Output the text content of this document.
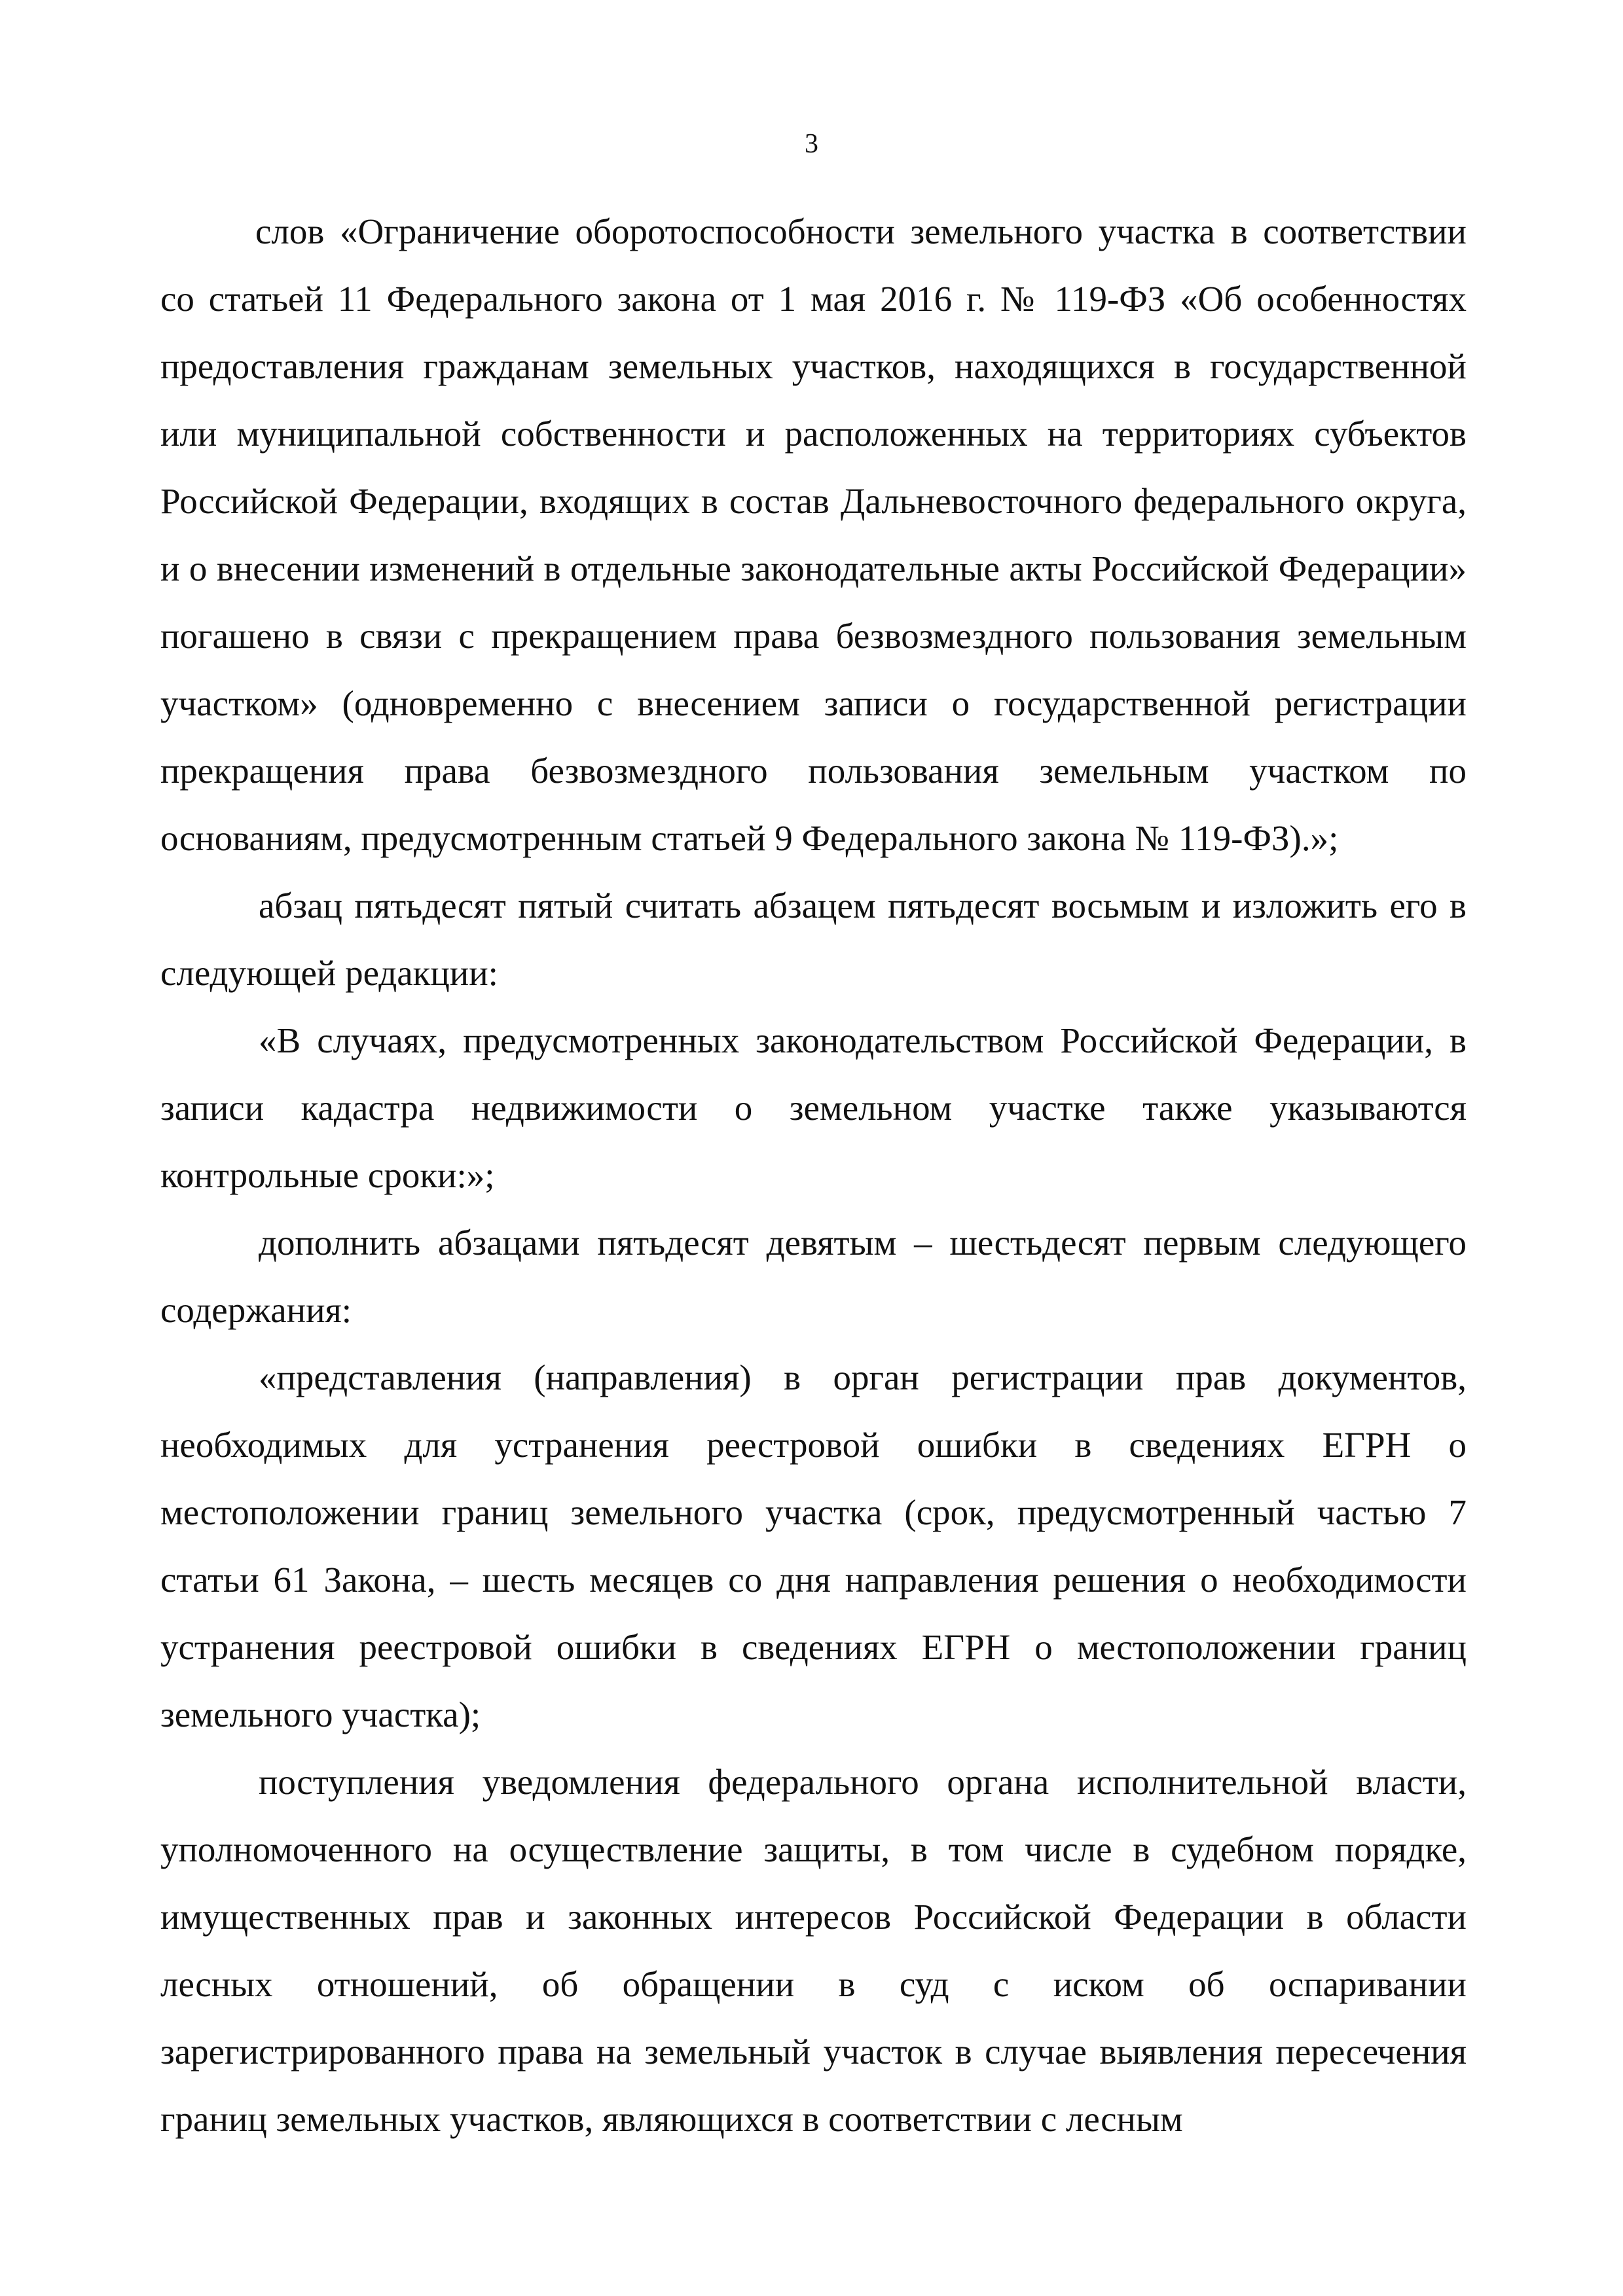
3

слов «Ограничение оборотоспособности земельного участка в соответствии со статьей 11 Федерального закона от 1 мая 2016 г. № 119-ФЗ «Об особенностях предоставления гражданам земельных участков, находящихся в государственной или муниципальной собственности и расположенных на территориях субъектов Российской Федерации, входящих в состав Дальневосточного федерального округа, и о внесении изменений в отдельные законодательные акты Российской Федерации» погашено в связи с прекращением права безвозмездного пользования земельным участком» (одновременно с внесением записи о государственной регистрации прекращения права безвозмездного пользования земельным участком по основаниям, предусмотренным статьей 9 Федерального закона № 119-ФЗ).»;

абзац пятьдесят пятый считать абзацем пятьдесят восьмым и изложить его в следующей редакции:

«В случаях, предусмотренных законодательством Российской Федерации, в записи кадастра недвижимости о земельном участке также указываются контрольные сроки:»;

дополнить абзацами пятьдесят девятым – шестьдесят первым следующего содержания:

«представления (направления) в орган регистрации прав документов, необходимых для устранения реестровой ошибки в сведениях ЕГРН о местоположении границ земельного участка (срок, предусмотренный частью 7 статьи 61 Закона, – шесть месяцев со дня направления решения о необходимости устранения реестровой ошибки в сведениях ЕГРН о местоположении границ земельного участка);

поступления уведомления федерального органа исполнительной власти, уполномоченного на осуществление защиты, в том числе в судебном порядке, имущественных прав и законных интересов Российской Федерации в области лесных отношений, об обращении в суд с иском об оспаривании зарегистрированного права на земельный участок в случае выявления пересечения границ земельных участков, являющихся в соответствии с лесным
